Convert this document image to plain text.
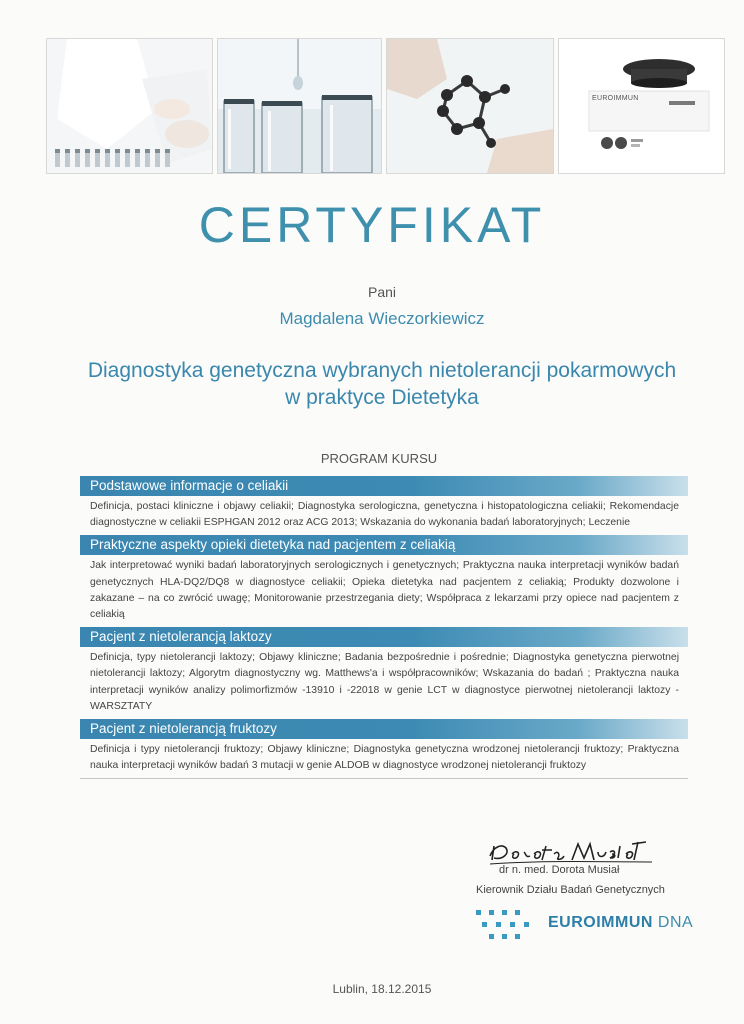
EUROIMMUN
CERTYFIKAT
Pani
Magdalena Wieczorkiewicz
Diagnostyka genetyczna wybranych nietolerancji pokarmowych
w praktyce Dietetyka
PROGRAM KURSU
Podstawowe informacje o celiakii
Definicja, postaci kliniczne i objawy celiakii; Diagnostyka serologiczna, genetyczna i histopatologiczna celiakii; Rekomendacje diagnostyczne w celiakii ESPHGAN 2012 oraz ACG 2013; Wskazania do wykonania badań laboratoryjnych; Leczenie
Praktyczne aspekty opieki dietetyka nad pacjentem z celiakią
Jak interpretować wyniki badań laboratoryjnych serologicznych i genetycznych; Praktyczna nauka interpretacji wyników badań genetycznych HLA-DQ2/DQ8 w diagnostyce celiakii; Opieka dietetyka nad pacjentem z celiakią; Produkty dozwolone i zakazane – na co zwrócić uwagę; Monitorowanie przestrzegania diety; Współpraca z lekarzami przy opiece nad pacjentem z celiakią
Pacjent z nietolerancją laktozy
Definicja, typy nietolerancji laktozy; Objawy kliniczne; Badania bezpośrednie i pośrednie; Diagnostyka genetyczna pierwotnej nietolerancji laktozy; Algorytm diagnostyczny wg. Matthews'a i współpracowników; Wskazania do badań ; Praktyczna nauka interpretacji wyników analizy polimorfizmów -13910 i -22018 w genie LCT w diagnostyce pierwotnej nietolerancji laktozy - WARSZTATY
Pacjent z nietolerancją fruktozy
Definicja i typy nietolerancji fruktozy; Objawy kliniczne; Diagnostyka genetyczna wrodzonej nietolerancji fruktozy; Praktyczna nauka interpretacji wyników badań 3 mutacji w genie ALDOB w diagnostyce wrodzonej nietolerancji fruktozy
dr n. med. Dorota Musiał
Kierownik Działu Badań Genetycznych
EUROIMMUN DNA
Lublin, 18.12.2015
